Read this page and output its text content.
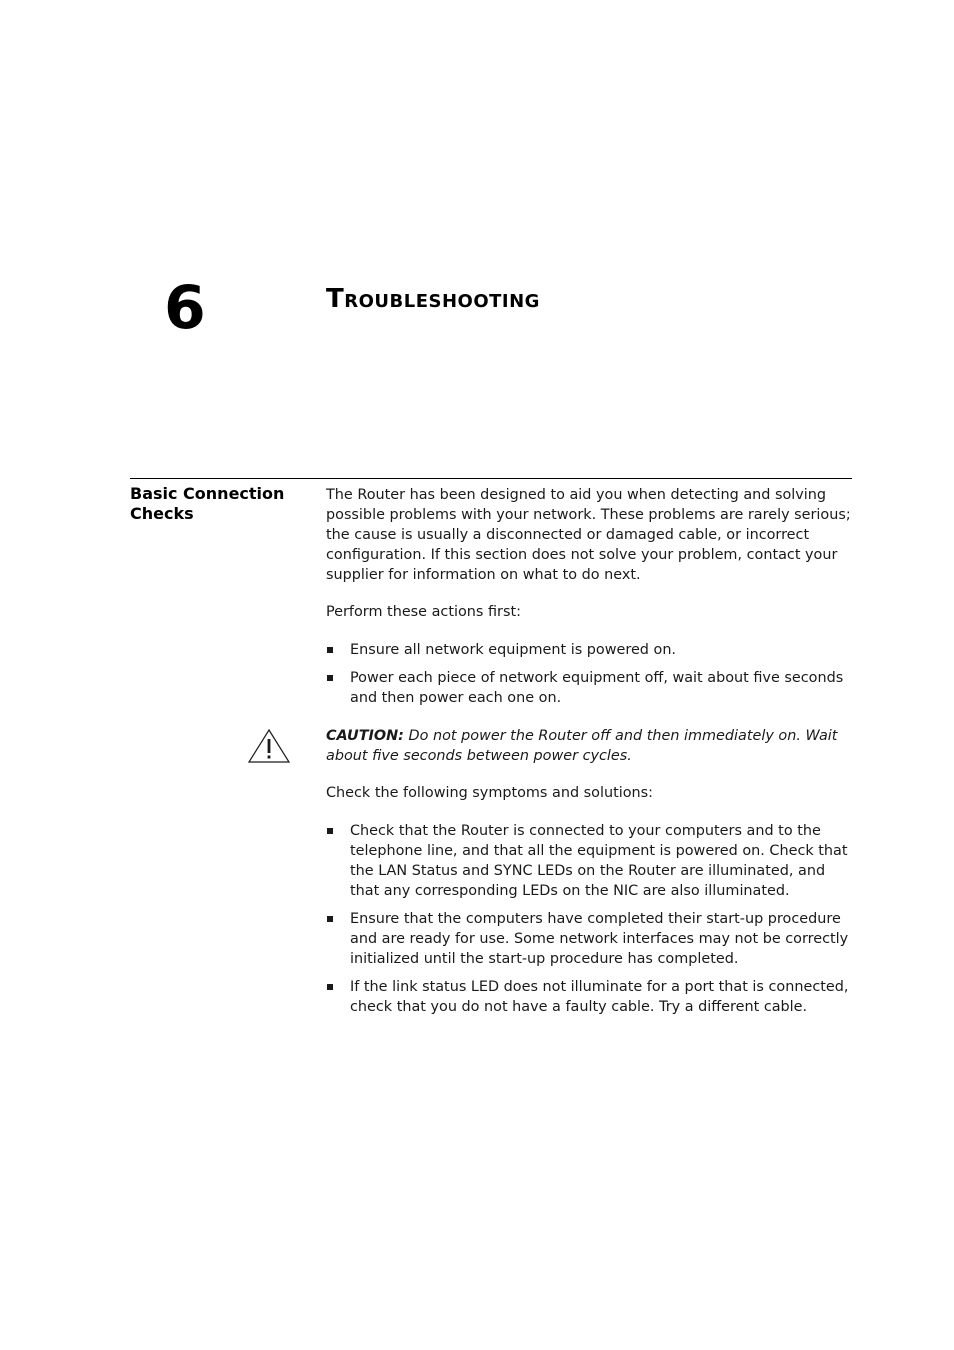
6	Troubleshooting
Basic Connection Checks

The Router has been designed to aid you when detecting and solving possible problems with your network. These problems are rarely serious; the cause is usually a disconnected or damaged cable, or incorrect configuration. If this section does not solve your problem, contact your supplier for information on what to do next.

Perform these actions first:

Ensure all network equipment is powered on.
Power each piece of network equipment off, wait about five seconds and then power each one on.

CAUTION: Do not power the Router off and then immediately on. Wait about five seconds between power cycles.

Check the following symptoms and solutions:

Check that the Router is connected to your computers and to the telephone line, and that all the equipment is powered on. Check that the LAN Status and SYNC LEDs on the Router are illuminated, and that any corresponding LEDs on the NIC are also illuminated.
Ensure that the computers have completed their start-up procedure and are ready for use. Some network interfaces may not be correctly initialized until the start-up procedure has completed.
If the link status LED does not illuminate for a port that is connected, check that you do not have a faulty cable. Try a different cable.
